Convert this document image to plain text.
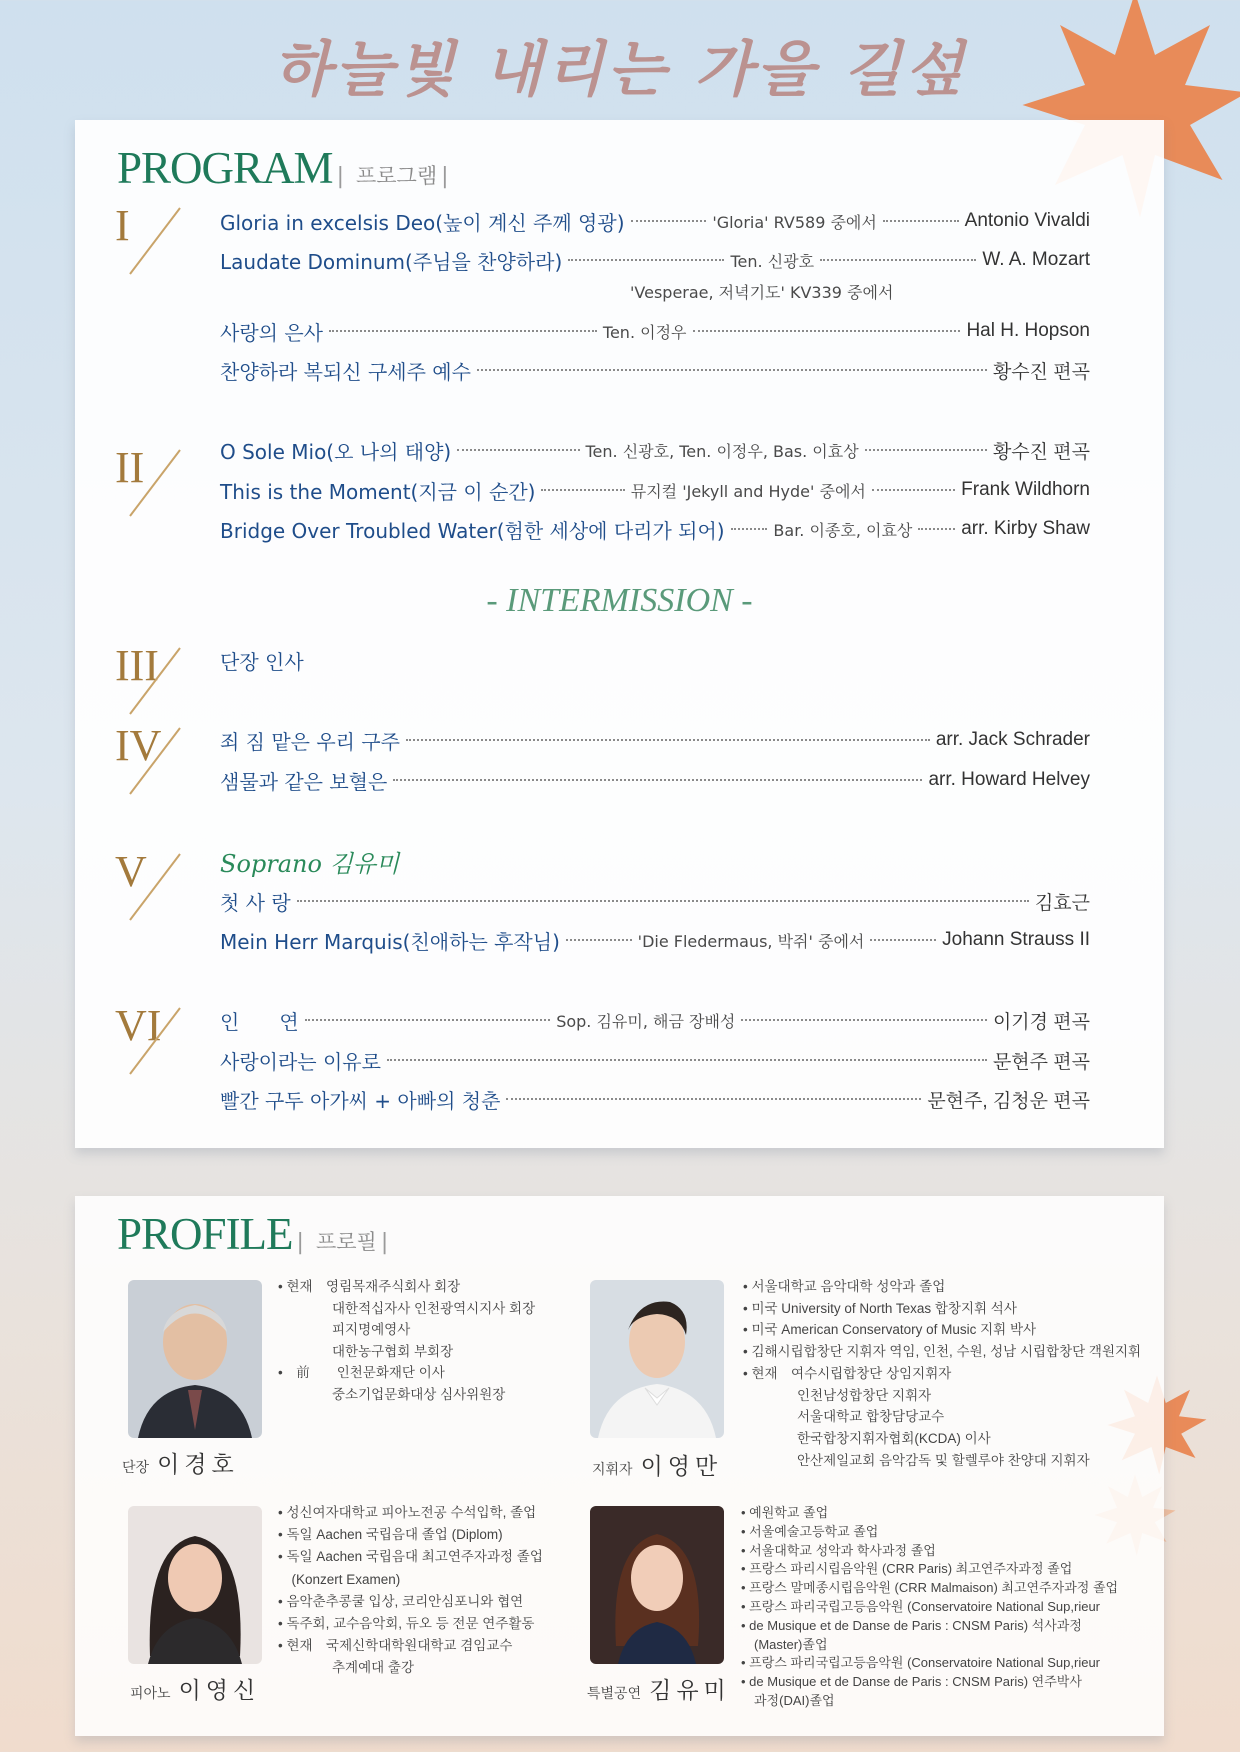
하늘빛 내리는 가을 길섶
PROGRAM | 프로그램 |
I
II
III
IV
V
VI
Gloria in excelsis Deo(높이 계신 주께 영광)	'Gloria' RV589 중에서	Antonio Vivaldi
Laudate Dominum(주님을 찬양하라)	Ten. 신광호	W. A. Mozart
'Vesperae, 저녁기도' KV339 중에서
사랑의 은사	Ten. 이정우	Hal H. Hopson
찬양하라 복되신 구세주 예수	황수진 편곡
O Sole Mio(오 나의 태양)	Ten. 신광호, Ten. 이정우, Bas. 이효상	황수진 편곡
This is the Moment(지금 이 순간)	뮤지컬 'Jekyll and Hyde' 중에서	Frank Wildhorn
Bridge Over Troubled Water(험한 세상에 다리가 되어)	Bar. 이종호, 이효상	arr. Kirby Shaw
- INTERMISSION -
단장 인사
죄 짐 맡은 우리 구주	arr. Jack Schrader
샘물과 같은 보혈은	arr. Howard Helvey
Soprano 김유미
첫 사 랑	김효근
Mein Herr Marquis(친애하는 후작님)	'Die Fledermaus, 박쥐' 중에서	Johann Strauss II
인　　연	Sop. 김유미, 해금 장배성	이기경 편곡
사랑이라는 이유로	문현주 편곡
빨간 구두 아가씨 + 아빠의 청춘	문현주, 김청운 편곡
PROFILE | 프로필 |
단장 이경호
• 현재　영림목재주식회사 회장
　　　　대한적십자사 인천광역시지사 회장
　　　　피지명예영사
　　　　대한농구협회 부회장
•　前　　인천문화재단 이사
　　　　중소기업문화대상 심사위원장
지휘자 이영만
• 서울대학교 음악대학 성악과 졸업
• 미국 University of North Texas 합창지휘 석사
• 미국 American Conservatory of Music 지휘 박사
• 김해시립합창단 지휘자 역임, 인천, 수원, 성남 시립합창단 객원지휘
• 현재　여수시립합창단 상임지휘자
　　　　인천남성합창단 지휘자
　　　　서울대학교 합창담당교수
　　　　한국합창지휘자협회(KCDA) 이사
　　　　안산제일교회 음악감독 및 할렐루야 찬양대 지휘자
피아노 이영신
• 성신여자대학교 피아노전공 수석입학, 졸업
• 독일 Aachen 국립음대 졸업 (Diplom)
• 독일 Aachen 국립음대 최고연주자과정 졸업
　(Konzert Examen)
• 음악춘추콩쿨 입상, 코리안심포니와 협연
• 독주회, 교수음악회, 듀오 등 전문 연주활동
• 현재　국제신학대학원대학교 겸임교수
　　　　추계예대 출강
특별공연 김유미
• 예원학교 졸업
• 서울예술고등학교 졸업
• 서울대학교 성악과 학사과정 졸업
• 프랑스 파리시립음악원 (CRR Paris) 최고연주자과정 졸업
• 프랑스 말메종시립음악원 (CRR Malmaison) 최고연주자과정 졸업
• 프랑스 파리국립고등음악원 (Conservatoire National Sup,rieur
• de Musique et de Danse de Paris : CNSM Paris) 석사과정
　(Master)졸업
• 프랑스 파리국립고등음악원 (Conservatoire National Sup,rieur
• de Musique et de Danse de Paris : CNSM Paris) 연주박사
　과정(DAI)졸업
